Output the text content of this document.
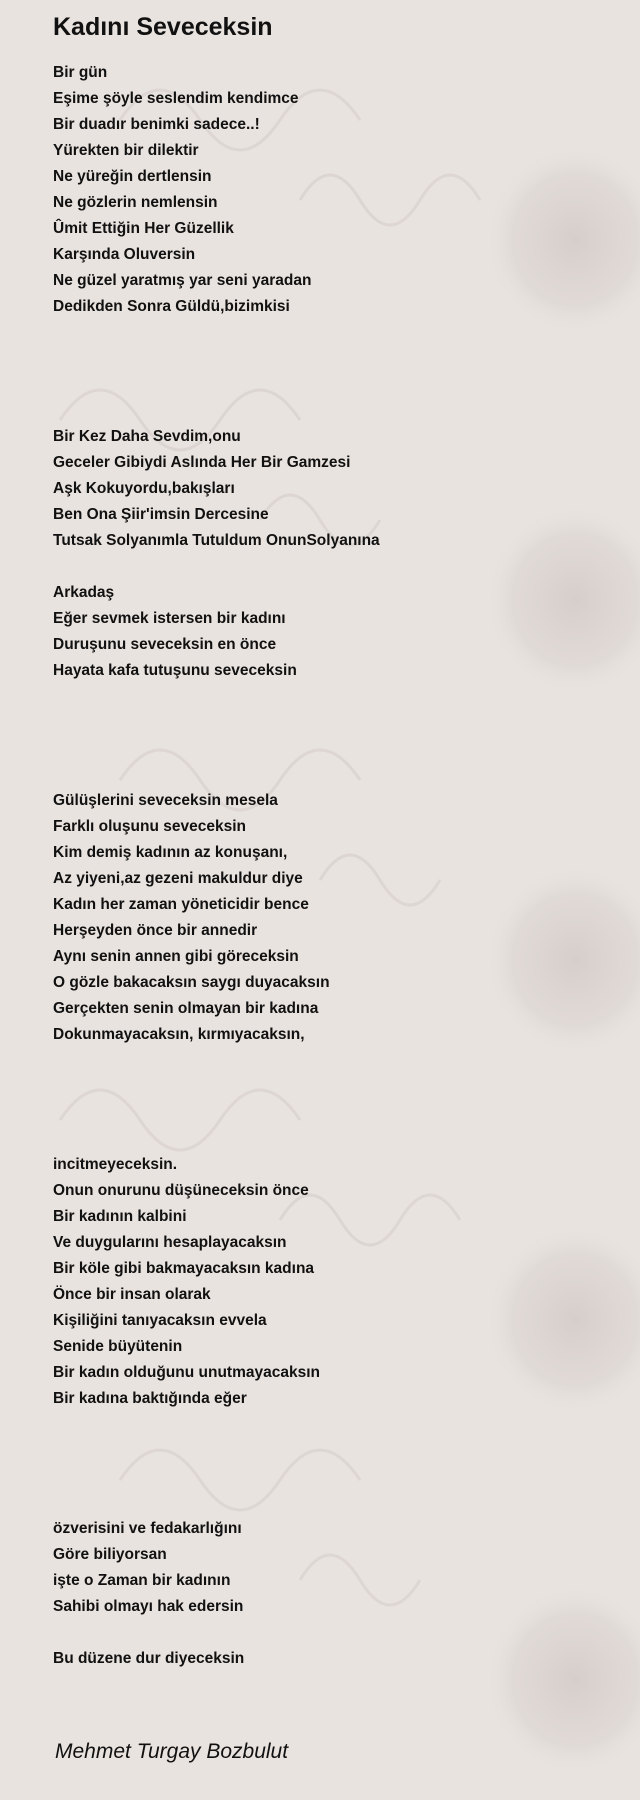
Kadını Seveceksin
Bir gün
Eşime şöyle seslendim kendimce
Bir duadır benimki sadece..!
Yürekten bir dilektir
Ne yüreğin dertlensin
Ne gözlerin nemlensin
Ûmit Ettiğin Her Güzellik
Karşında Oluversin
Ne güzel yaratmış yar seni yaradan
Dedikden Sonra Güldü,bizimkisi
Bir Kez Daha Sevdim,onu
Geceler Gibiydi Aslında Her Bir Gamzesi
Aşk Kokuyordu,bakışları
Ben Ona Şiir'imsin Dercesine
Tutsak Solyanımla Tutuldum OnunSolyanına
Arkadaş
Eğer sevmek istersen bir kadını
Duruşunu seveceksin en önce
Hayata kafa tutuşunu seveceksin
Gülüşlerini seveceksin mesela
Farklı oluşunu seveceksin
Kim demiş kadının az konuşanı,
Az yiyeni,az gezeni makuldur diye
Kadın her zaman yöneticidir bence
Herşeyden önce bir annedir
Aynı senin annen gibi göreceksin
O gözle bakacaksın saygı duyacaksın
Gerçekten senin olmayan bir kadına
Dokunmayacaksın, kırmıyacaksın,
incitmeyeceksin.
Onun onurunu düşüneceksin önce
Bir kadının kalbini
Ve duygularını hesaplayacaksın
Bir köle gibi bakmayacaksın kadına
Önce bir insan olarak
Kişiliğini tanıyacaksın evvela
Senide büyütenin
Bir kadın olduğunu unutmayacaksın
Bir kadına baktığında eğer
özverisini ve fedakarlığını
Göre biliyorsan
işte o Zaman bir kadının
Sahibi olmayı hak edersin
Bu düzene dur diyeceksin
Mehmet Turgay Bozbulut
